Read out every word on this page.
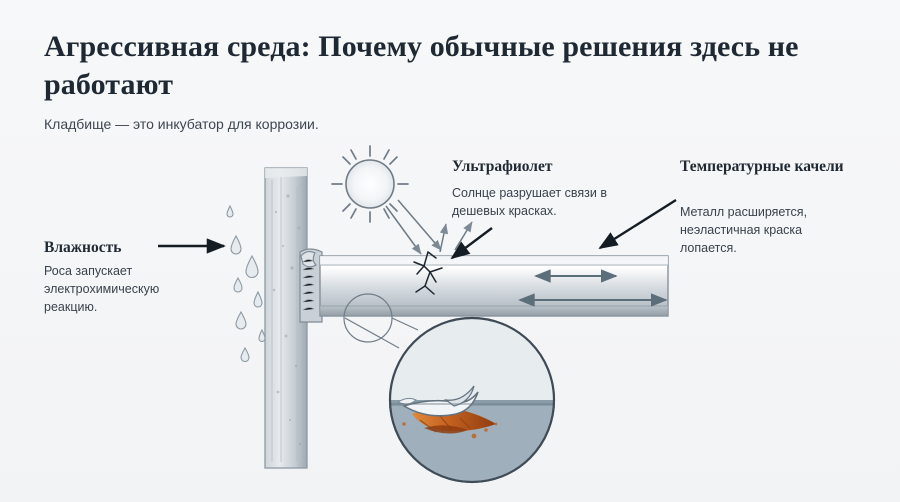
Агрессивная среда: Почему обычные решения здесь не работают
Кладбище — это инкубатор для коррозии.
Влажность
Роса запускает электрохимическую реакцию.
Ультрафиолет
Солнце разрушает связи в дешевых красках.
Температурные качели
Металл расширяется, неэластичная краска лопается.
